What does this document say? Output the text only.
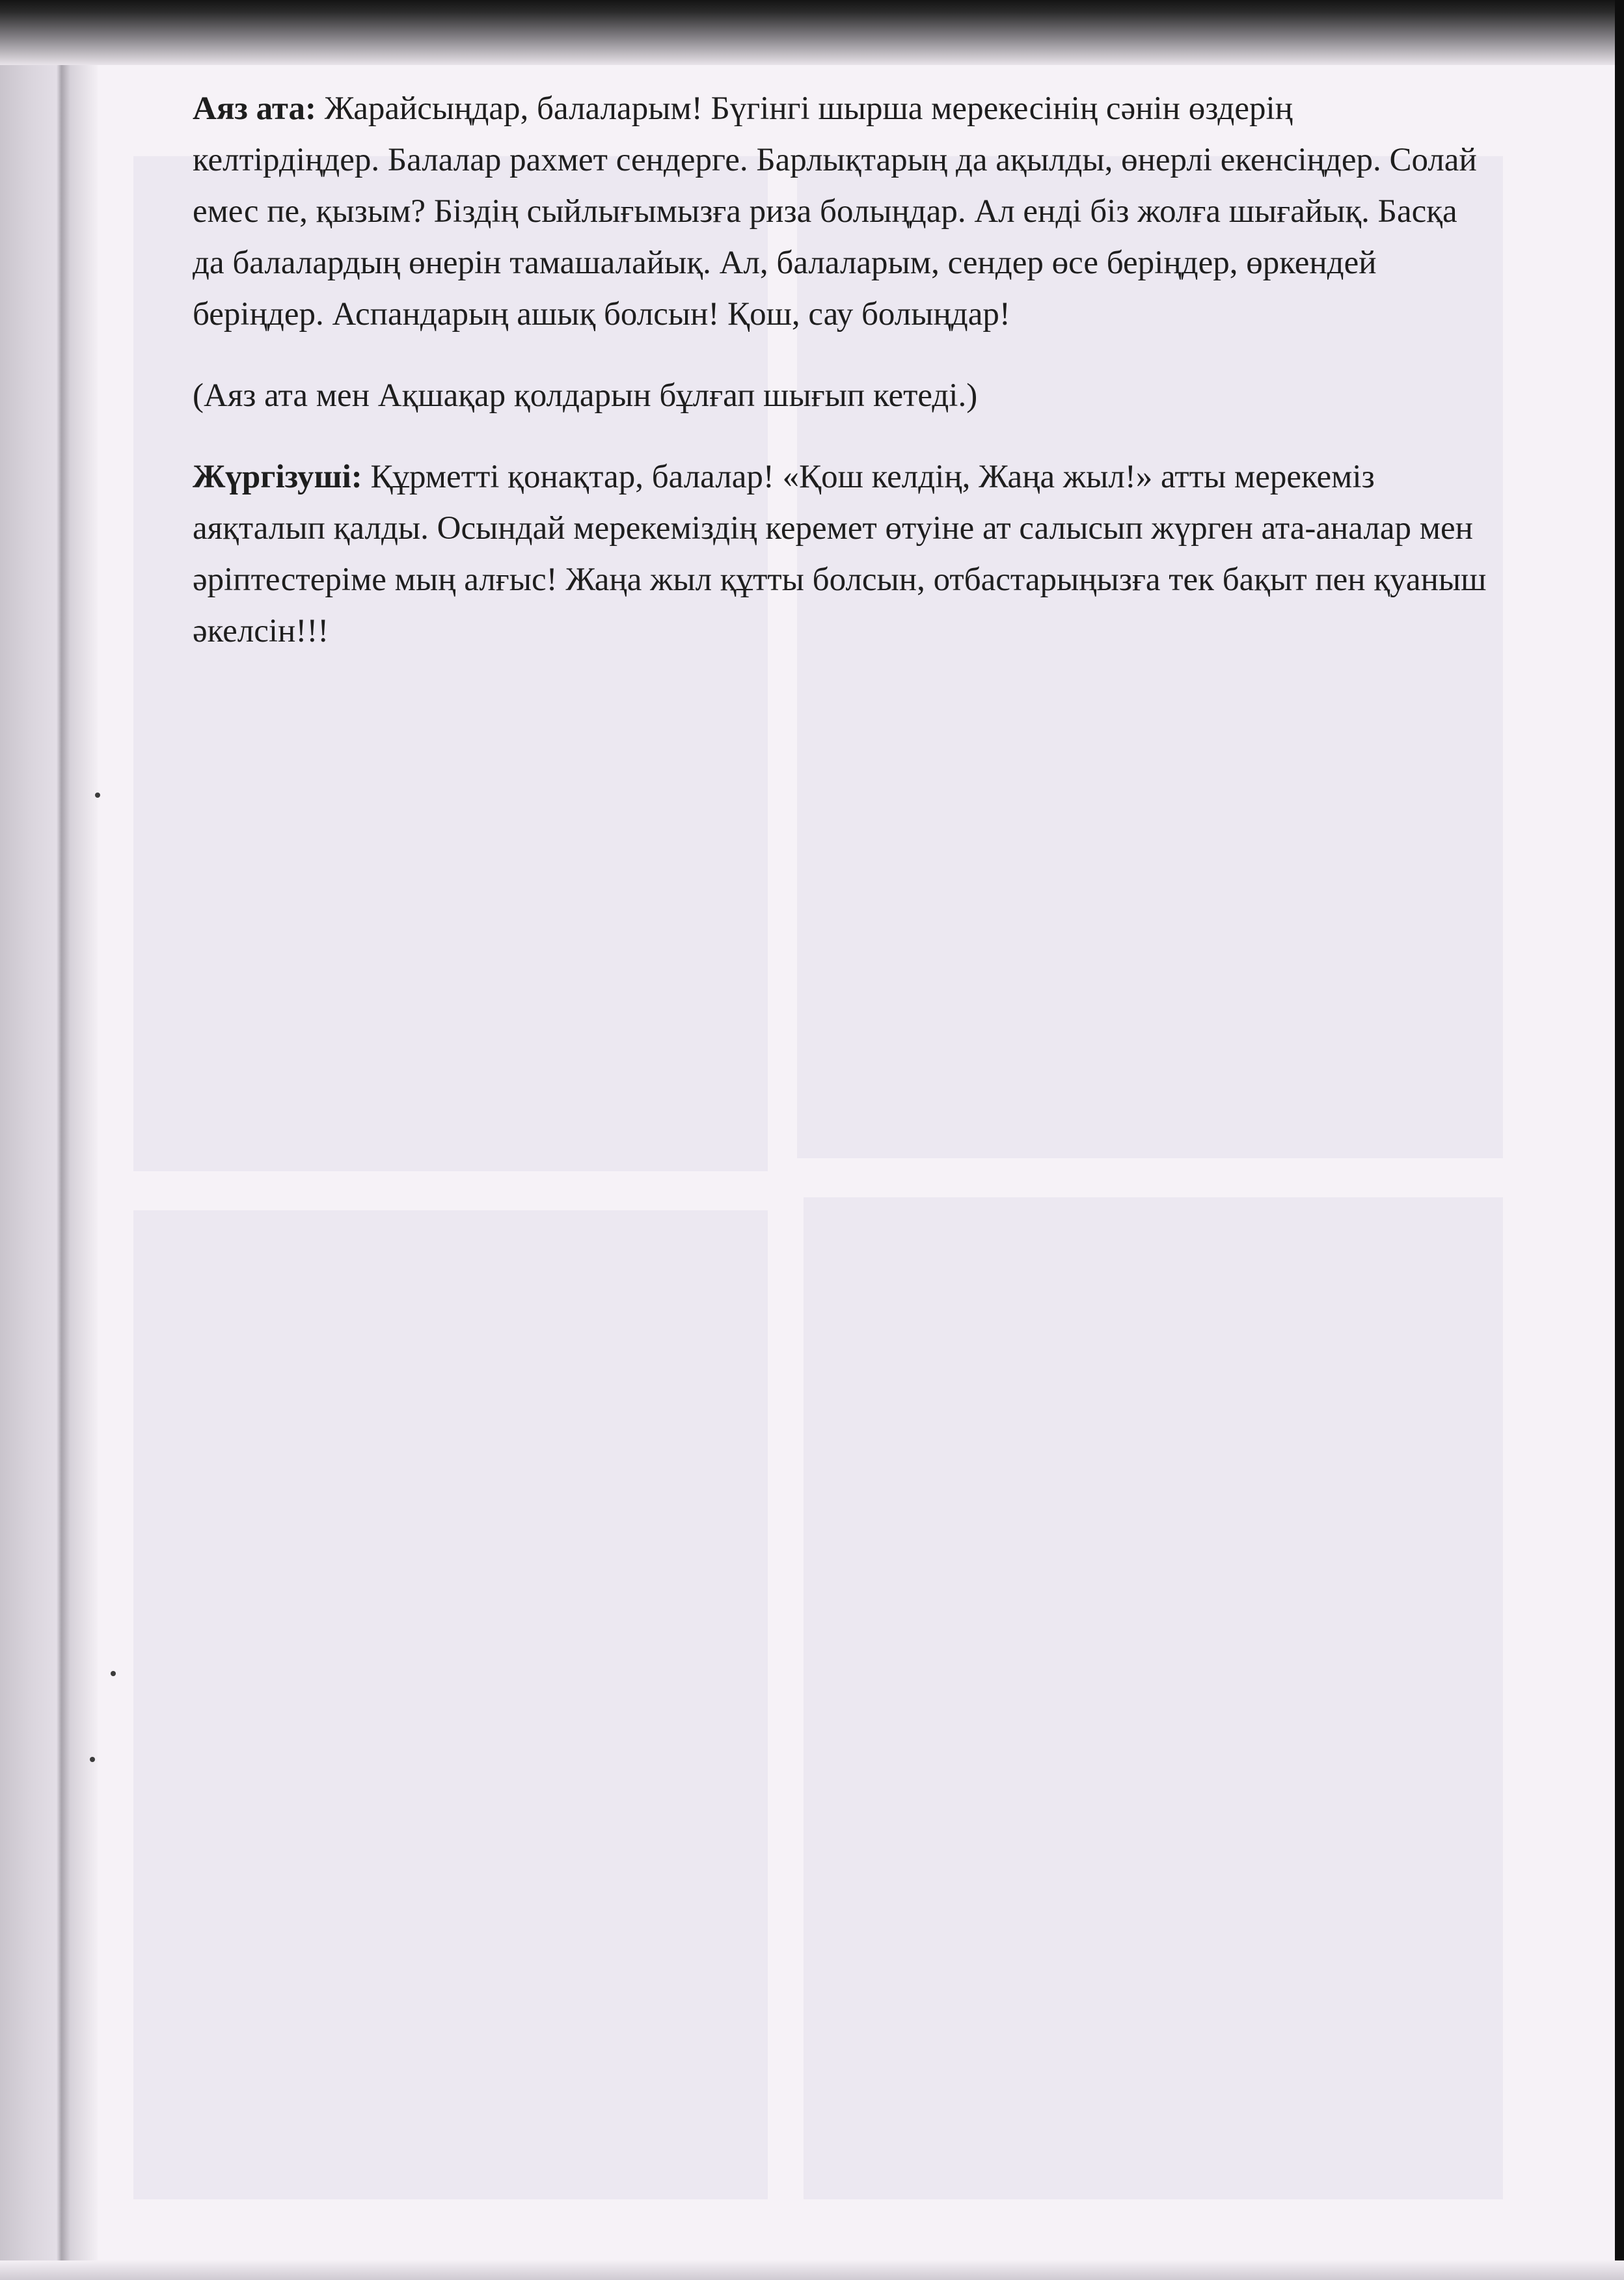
Аяз ата: Жарайсыңдар, балаларым! Бүгінгі шырша мерекесінің сәнін өздерің келтірдіңдер. Балалар рахмет сендерге. Барлықтарың да ақылды, өнерлі екенсіңдер. Солай емес пе, қызым? Біздің сыйлығымызға риза болыңдар. Ал енді біз жолға шығайық. Басқа да балалардың өнерін тамашалайық. Ал, балаларым, сендер өсе беріңдер, өркендей беріңдер. Аспандарың ашық болсын! Қош, сау болыңдар!

(Аяз ата мен Ақшақар қолдарын бұлғап шығып кетеді.)

Жүргізуші: Құрметті қонақтар, балалар! «Қош келдің, Жаңа жыл!» атты мерекеміз аяқталып қалды. Осындай мерекеміздің керемет өтуіне ат салысып жүрген ата-аналар мен әріптестеріме мың алғыс! Жаңа жыл құтты болсын, отбастарыңызға тек бақыт пен қуаныш әкелсін!!!
